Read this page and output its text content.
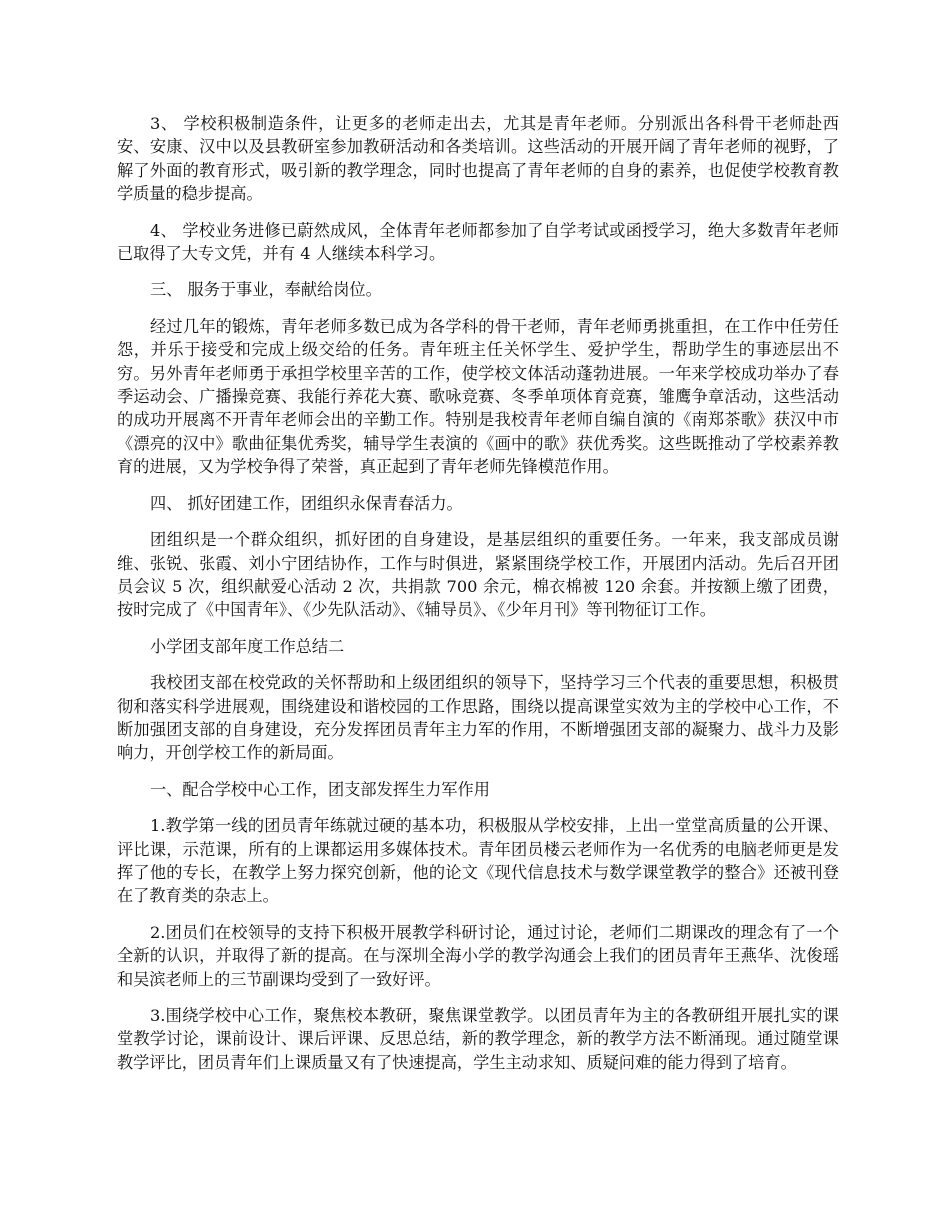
3、 学校积极制造条件，让更多的老师走出去，尤其是青年老师。分别派出各科骨干老师赴西安、安康、汉中以及县教研室参加教研活动和各类培训。这些活动的开展开阔了青年老师的视野，了解了外面的教育形式，吸引新的教学理念，同时也提高了青年老师的自身的素养，也促使学校教育教学质量的稳步提高。

4、 学校业务进修已蔚然成风，全体青年老师都参加了自学考试或函授学习，绝大多数青年老师已取得了大专文凭，并有 4 人继续本科学习。

三、 服务于事业，奉献给岗位。

经过几年的锻炼，青年老师多数已成为各学科的骨干老师，青年老师勇挑重担，在工作中任劳任怨，并乐于接受和完成上级交给的任务。青年班主任关怀学生、爱护学生，帮助学生的事迹层出不穷。另外青年老师勇于承担学校里辛苦的工作，使学校文体活动蓬勃进展。一年来学校成功举办了春季运动会、广播操竞赛、我能行养花大赛、歌咏竞赛、冬季单项体育竞赛，雏鹰争章活动，这些活动的成功开展离不开青年老师会出的辛勤工作。特别是我校青年老师自编自演的《南郑茶歌》获汉中市《漂亮的汉中》歌曲征集优秀奖，辅导学生表演的《画中的歌》获优秀奖。这些既推动了学校素养教育的进展，又为学校争得了荣誉，真正起到了青年老师先锋模范作用。

四、 抓好团建工作，团组织永保青春活力。

团组织是一个群众组织，抓好团的自身建设，是基层组织的重要任务。一年来，我支部成员谢维、张锐、张霞、刘小宁团结协作，工作与时俱进，紧紧围绕学校工作，开展团内活动。先后召开团员会议 5 次，组织献爱心活动 2 次，共捐款 700 余元，棉衣棉被 120 余套。并按额上缴了团费，按时完成了《中国青年》、《少先队活动》、《辅导员》、《少年月刊》等刊物征订工作。

小学团支部年度工作总结二

我校团支部在校党政的关怀帮助和上级团组织的领导下，坚持学习三个代表的重要思想，积极贯彻和落实科学进展观，围绕建设和谐校园的工作思路，围绕以提高课堂实效为主的学校中心工作，不断加强团支部的自身建设，充分发挥团员青年主力军的作用，不断增强团支部的凝聚力、战斗力及影响力，开创学校工作的新局面。

一、配合学校中心工作，团支部发挥生力军作用

1.教学第一线的团员青年练就过硬的基本功，积极服从学校安排，上出一堂堂高质量的公开课、评比课，示范课，所有的上课都运用多媒体技术。青年团员楼云老师作为一名优秀的电脑老师更是发挥了他的专长，在教学上努力探究创新，他的论文《现代信息技术与数学课堂教学的整合》还被刊登在了教育类的杂志上。

2.团员们在校领导的支持下积极开展教学科研讨论，通过讨论，老师们二期课改的理念有了一个全新的认识，并取得了新的提高。在与深圳全海小学的教学沟通会上我们的团员青年王燕华、沈俊瑶和吴滨老师上的三节副课均受到了一致好评。

3.围绕学校中心工作，聚焦校本教研，聚焦课堂教学。以团员青年为主的各教研组开展扎实的课堂教学讨论，课前设计、课后评课、反思总结，新的教学理念，新的教学方法不断涌现。通过随堂课教学评比，团员青年们上课质量又有了快速提高，学生主动求知、质疑问难的能力得到了培育。
